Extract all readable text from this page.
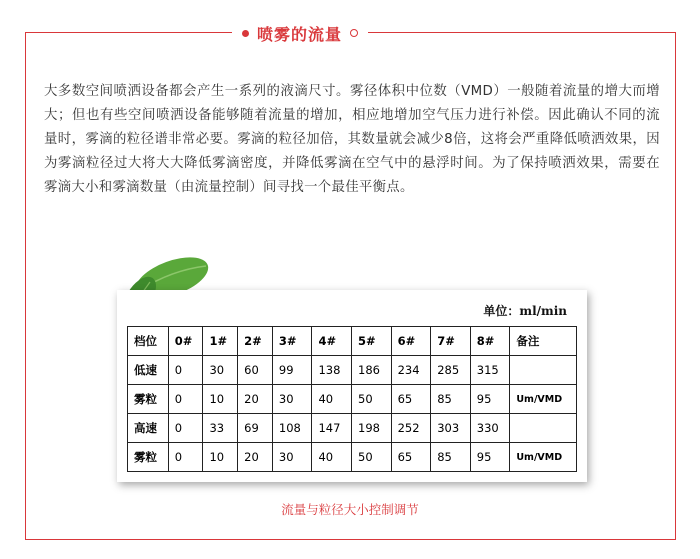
喷雾的流量

大多数空间喷洒设备都会产生一系列的液滴尺寸。雾径体积中位数（VMD）一般随着流量的增大而增大；但也有些空间喷洒设备能够随着流量的增加，相应地增加空气压力进行补偿。因此确认不同的流量时，雾滴的粒径谱非常必要。雾滴的粒径加倍，其数量就会减少8倍，这将会严重降低喷洒效果，因为雾滴粒径过大将大大降低雾滴密度，并降低雾滴在空气中的悬浮时间。为了保持喷洒效果，需要在雾滴大小和雾滴数量（由流量控制）间寻找一个最佳平衡点。

单位：ml/min
档位	0#	1#	2#	3#	4#	5#	6#	7#	8#	备注
低速	0	30	60	99	138	186	234	285	315	
雾粒	0	10	20	30	40	50	65	85	95	Um/VMD
高速	0	33	69	108	147	198	252	303	330	
雾粒	0	10	20	30	40	50	65	85	95	Um/VMD
流量与粒径大小控制调节
